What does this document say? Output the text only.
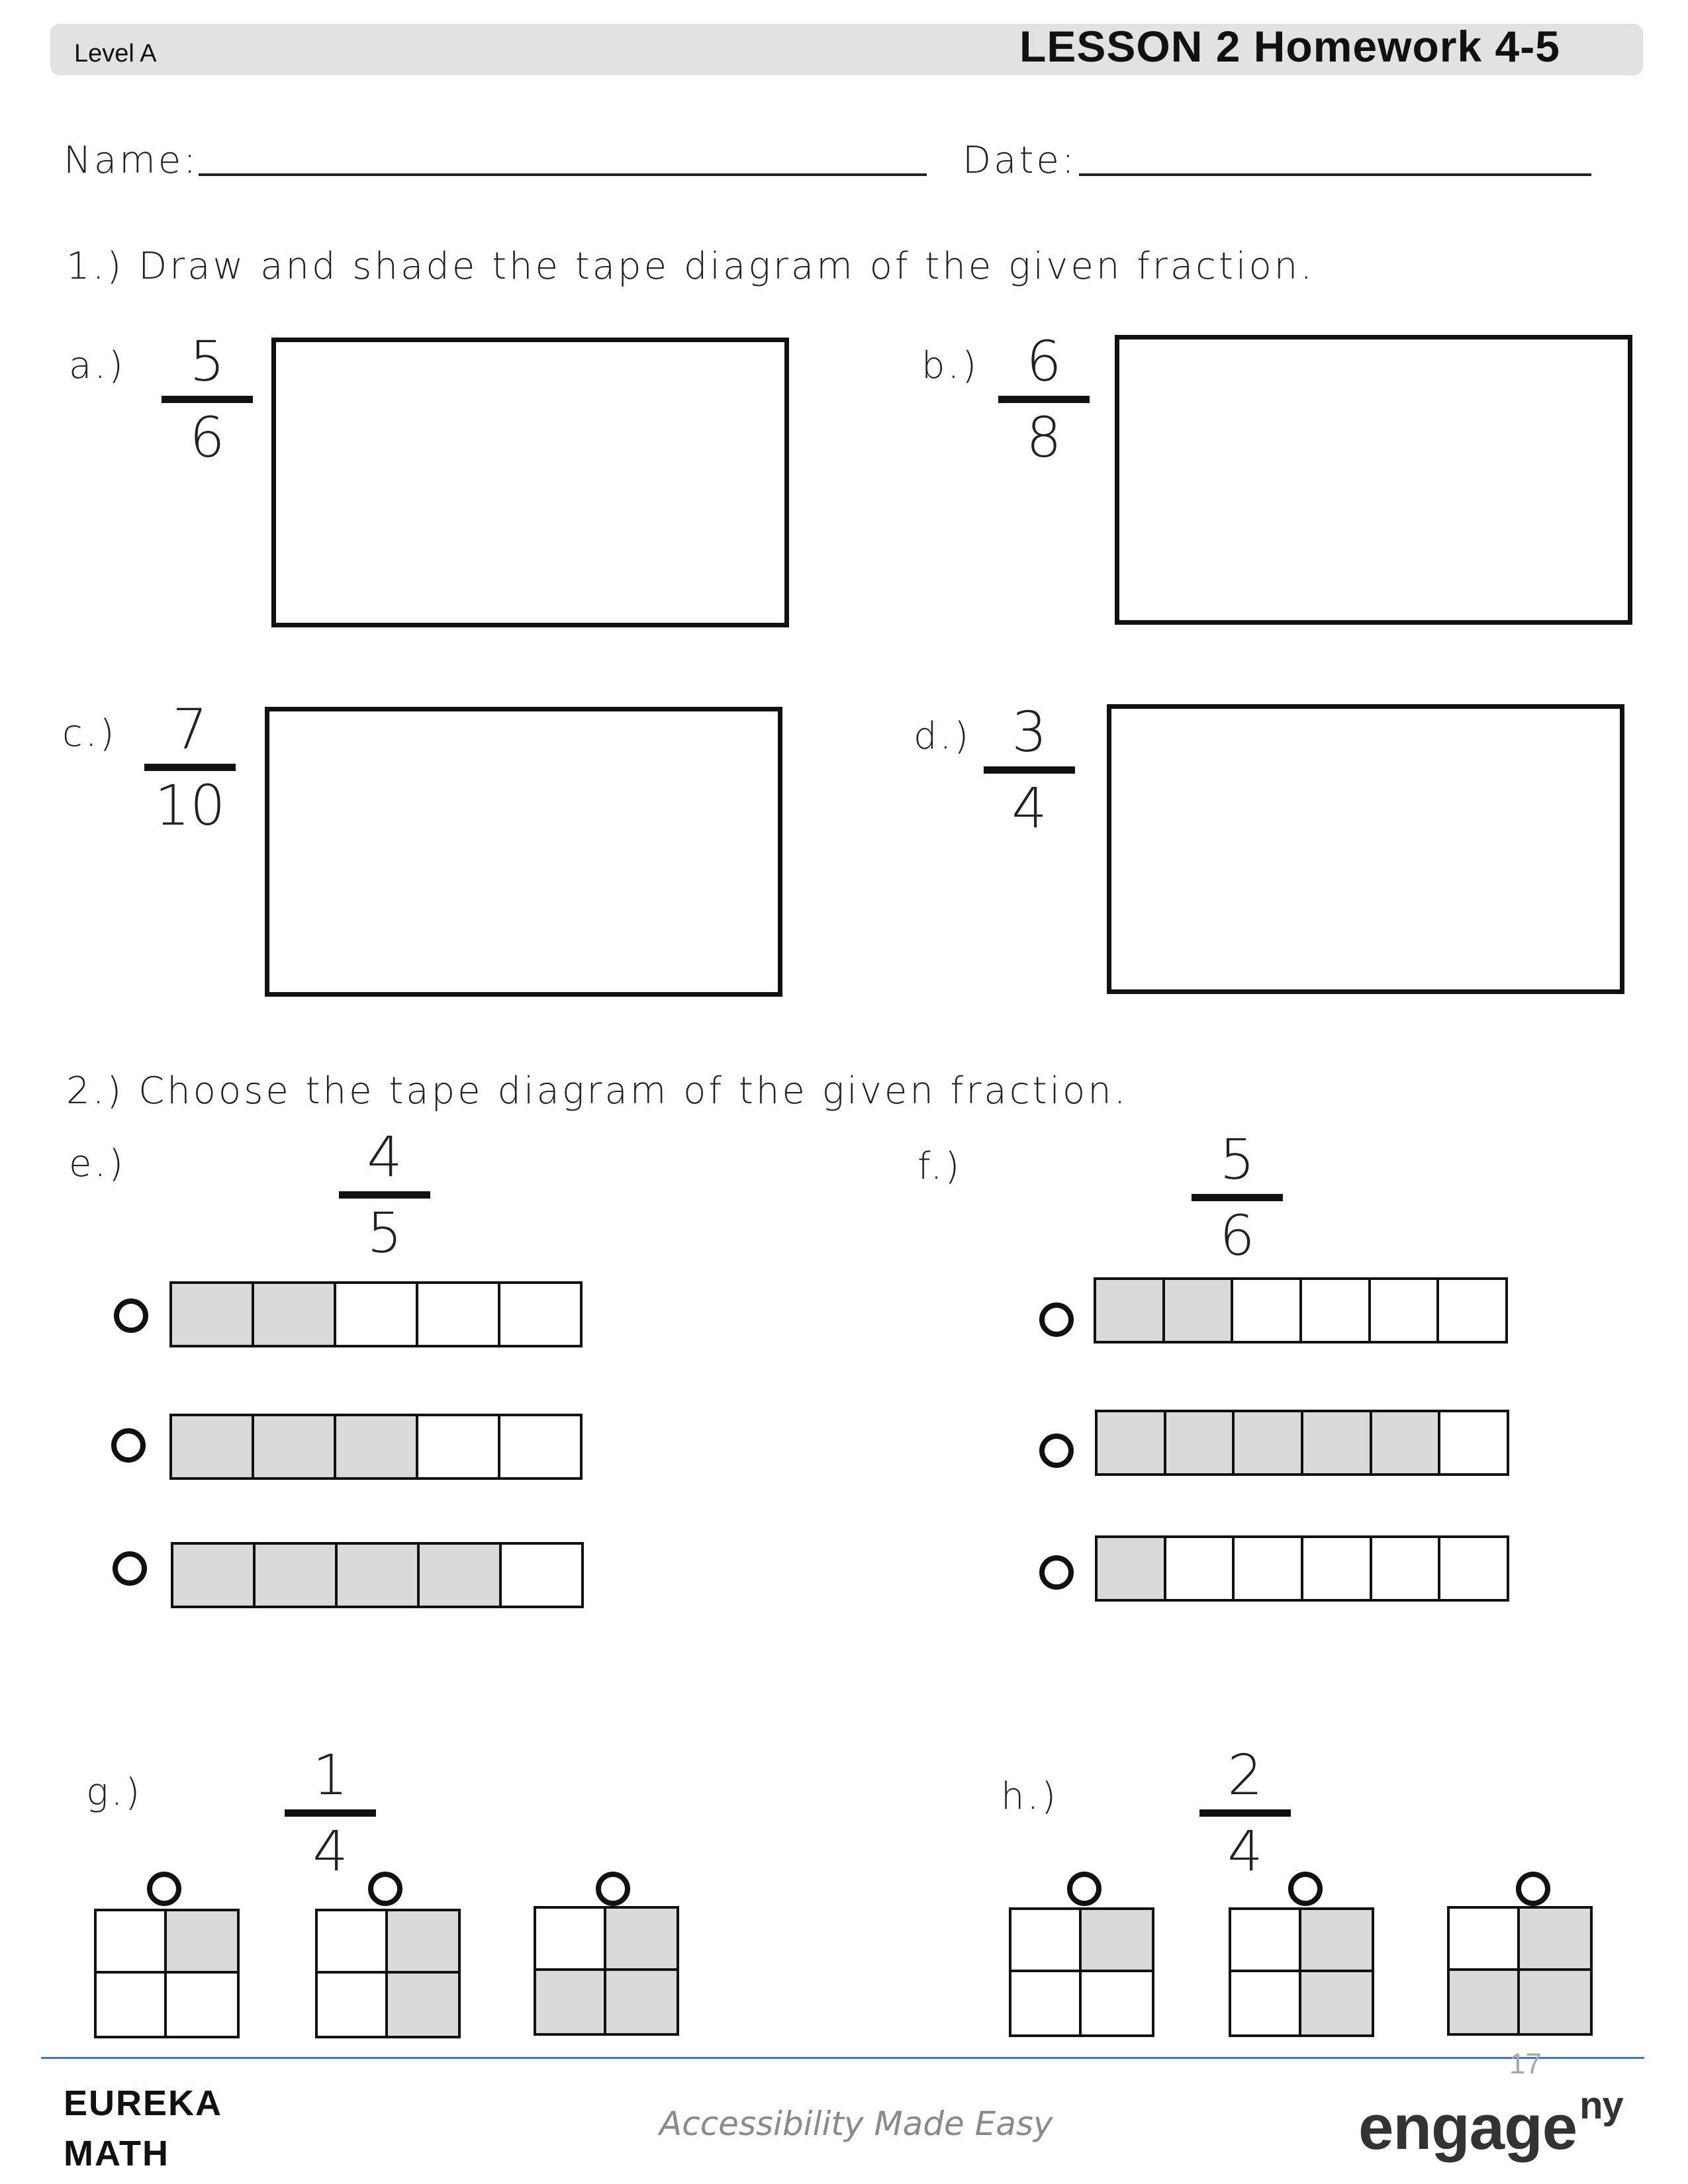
Level A	LESSON 2 Homework 4-5
Name:	Date:
1.) Draw and shade the tape diagram of the given fraction.
a.)	5
6
b.) 6
8
c.) 7
10
d.) 3
4
2.) Choose the tape diagram of the given fraction.
e.)	4
5
f.)	5
6
g.)	1
4
h.)	2
4
17
EUREKA
MATH
Accessibility Made Easy	engage$^{ny}$
